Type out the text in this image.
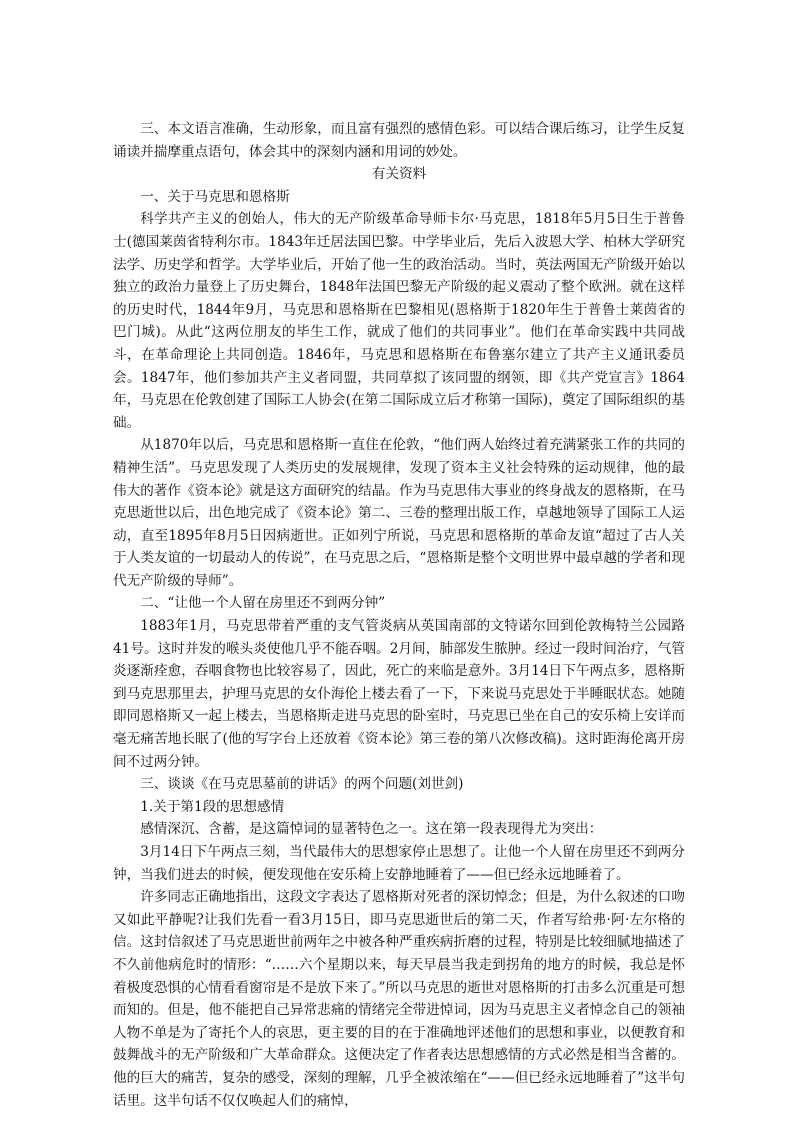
三、本文语言准确，生动形象，而且富有强烈的感情色彩。可以结合课后练习，让学生反复诵读并揣摩重点语句，体会其中的深刻内涵和用词的妙处。

有关资料

一、关于马克思和恩格斯

科学共产主义的创始人，伟大的无产阶级革命导师卡尔·马克思，1818年5月5日生于普鲁士(德国莱茵省特利尔市。1843年迁居法国巴黎。中学毕业后，先后入波恩大学、柏林大学研究法学、历史学和哲学。大学毕业后，开始了他一生的政治活动。当时，英法两国无产阶级开始以独立的政治力量登上了历史舞台，1848年法国巴黎无产阶级的起义震动了整个欧洲。就在这样的历史时代，1844年9月，马克思和恩格斯在巴黎相见(恩格斯于1820年生于普鲁士莱茵省的巴门城)。从此“这两位朋友的毕生工作，就成了他们的共同事业”。他们在革命实践中共同战斗，在革命理论上共同创造。1846年，马克思和恩格斯在布鲁塞尔建立了共产主义通讯委员会。1847年，他们参加共产主义者同盟，共同草拟了该同盟的纲领，即《共产党宣言》1864年，马克思在伦敦创建了国际工人协会(在第二国际成立后才称第一国际)，奠定了国际组织的基础。

从1870年以后，马克思和恩格斯一直住在伦敦，“他们两人始终过着充满紧张工作的共同的精神生活”。马克思发现了人类历史的发展规律，发现了资本主义社会特殊的运动规律，他的最伟大的著作《资本论》就是这方面研究的结晶。作为马克思伟大事业的终身战友的恩格斯，在马克思逝世以后，出色地完成了《资本论》第二、三卷的整理出版工作，卓越地领导了国际工人运动，直至1895年8月5日因病逝世。正如列宁所说，马克思和恩格斯的革命友谊“超过了古人关于人类友谊的一切最动人的传说”，在马克思之后，“恩格斯是整个文明世界中最卓越的学者和现代无产阶级的导师”。

二、“让他一个人留在房里还不到两分钟”

1883年1月，马克思带着严重的支气管炎病从英国南部的文特诺尔回到伦敦梅特兰公园路41号。这时并发的喉头炎使他几乎不能吞咽。2月间，肺部发生脓肿。经过一段时间治疗，气管炎逐渐痊愈，吞咽食物也比较容易了，因此，死亡的来临是意外。3月14日下午两点多，恩格斯到马克思那里去，护理马克思的女仆海伦上楼去看了一下，下来说马克思处于半睡眠状态。她随即同恩格斯又一起上楼去，当恩格斯走进马克思的卧室时，马克思已坐在自己的安乐椅上安详而毫无痛苦地长眠了(他的写字台上还放着《资本论》第三卷的第八次修改稿)。这时距海伦离开房间不过两分钟。

三、谈谈《在马克思墓前的讲话》的两个问题(刘世剑)

1.关于第1段的思想感情

感情深沉、含蓄，是这篇悼词的显著特色之一。这在第一段表现得尤为突出：

3月14日下午两点三刻，当代最伟大的思想家停止思想了。让他一个人留在房里还不到两分钟，当我们进去的时候，便发现他在安乐椅上安静地睡着了——但已经永远地睡着了。

许多同志正确地指出，这段文字表达了恩格斯对死者的深切悼念；但是，为什么叙述的口吻又如此平静呢?让我们先看一看3月15日，即马克思逝世后的第二天，作者写给弗·阿·左尔格的信。这封信叙述了马克思逝世前两年之中被各种严重疾病折磨的过程，特别是比较细腻地描述了不久前他病危时的情形：“……六个星期以来，每天早晨当我走到拐角的地方的时候，我总是怀着极度恐惧的心情看看窗帘是不是放下来了。”所以马克思的逝世对恩格斯的打击多么沉重是可想而知的。但是，他不能把自己异常悲痛的情绪完全带进悼词，因为马克思主义者悼念自己的领袖人物不单是为了寄托个人的哀思，更主要的目的在于准确地评述他们的思想和事业，以便教育和鼓舞战斗的无产阶级和广大革命群众。这便决定了作者表达思想感情的方式必然是相当含蓄的。他的巨大的痛苦，复杂的感受，深刻的理解，几乎全被浓缩在“——但已经永远地睡着了”这半句话里。这半句话不仅仅唤起人们的痛悼，
